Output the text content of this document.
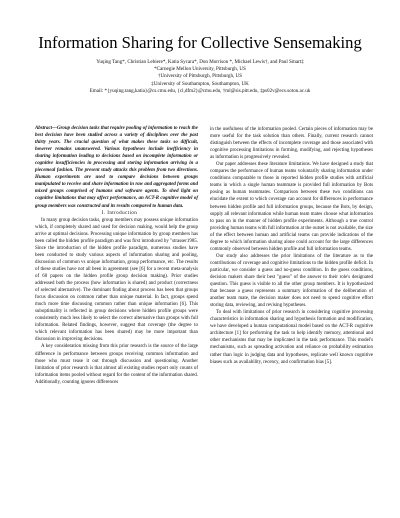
Information Sharing for Collective Sensemaking

Yuqing Tang*, Christian Lebiere*, Katia Sycara*, Don Morrison *, Michael Lewis†, and Paul Smart‡

*Carnegie Mellon University, Pittsburgh, US

†University of Pittsburgh, Pittsburgh, US

‡University of Southampton, Southampton, UK

Email: *{yuqing.tang,katia}@cs.cmu.edu, {cl,dfm2}@cmu.edu, †ml@sis.pitt.edu, ‡ps02v@ecs.soton.ac.uk

Abstract—Group decision tasks that require pooling of information to reach the best decision have been studied across a variety of disciplines over the past thirty years. The crucial question of what makes these tasks so difficult, however remains unanswered. Various hypotheses include inefficiency in sharing information leading to decisions based on incomplete information or cognitive insufficiencies in processing and storing information arriving in a piecemeal fashion. The present study attacks this problem from two directions. Human experiments are used to compare decisions between groups manipulated to receive and share information in raw and aggregated forms and mixed groups comprised of humans and software agents. To shed light on cognitive limitations that may affect performance, an ACT-R cognitive model of group members was constructed and its results compared to human data.

I. Introduction

In many group decision tasks, group members may possess unique information which, if completely shared and used for decision making, would help the group arrive at optimal decisions. Processing unique information by group members has been called the hidden profile paradigm and was first introduced by "strasser1985. Since the introduction of the hidden profile paradigm, numerous studies have been conducted to study various aspects of information sharing and pooling, discussion of common vs unique information, group performance, etc. The results of these studies have not all been in agreement (see [6] for a recent meta-analysis of 60 papers on the hidden profile group decision making). Prior studies addressed both the process (how information is shared) and product (correctness of selected alternative). The dominant finding about process has been that groups focus discussion on common rather than unique material. In fact, groups spend much more time discussing common rather than unique information [6]. This suboptimality is reflected in group decisions where hidden profile groups were consistently much less likely to select the correct alternative than groups with full information. Related findings, however, suggest that coverage (the degree to which relevant information has been shared) may be more important than discussion in improving decisions.

A key consideration missing from this prior research is the source of the large difference in performance between groups receiving common information and those who must tease it out through discussion and questioning. Another limitation of prior research is that almost all existing studies report only counts of information items pooled without regard for the content of the information shared. Additionally, counting ignores differences

in the usefulness of the information pooled. Certain pieces of information may be more useful for the task solution than others. Finally, current research cannot distinguish between the effects of incomplete coverage and those associated with cognitive processing limitations in forming, modifying, and rejecting hypotheses as information is progressively revealed.

Our paper addresses these literature limitations. We have designed a study that compares the performance of human teams voluntarily sharing information under conditions comparable to those in reported hidden profile studies with artificial teams in which a single human teammate is provided full information by Bots posing as human teammates. Comparison between these two conditions can elucidate the extent to which coverage can account for differences in performance between hidden profile and full information groups, because the Bots, by design, supply all relevant information while human team mates choose what information to pass on in the manner of hidden profile experiments. Although a true control providing human teams with full information at the outset is not available, the size of the effect between human and artificial teams can provide indications of the degree to which information sharing alone could account for the large differences commonly observed between hidden profile and full information teams.

Our study also addresses the prior limitations of the literature as to the contributions of coverage and cognitive limitations to the hidden profile deficit. In particular, we consider a guess and no-guess condition. In the guess conditions, decision makers share their best "guess" of the answer to their role's designated question. This guess is visible to all the other group members. It is hypothesized that because a guess represents a summary information of the deliberation of another team mate, the decision maker does not need to spend cognitive effort storing data, reviewing, and revising hypotheses.

To deal with limitations of prior research in considering cognitive processing characteristics in information sharing and hypothesis formation and modification, we have developed a human computational model based on the ACT-R cognitive architecture [1] for performing the task to help identify memory, attentional and other mechanisms that may be implicated in the task performance. This model's mechanisms, such as spreading activation and reliance on probability estimation rather than logic in judging data and hypotheses, replicate well known cognitive biases such as availability, recency, and confirmation bias [5].
